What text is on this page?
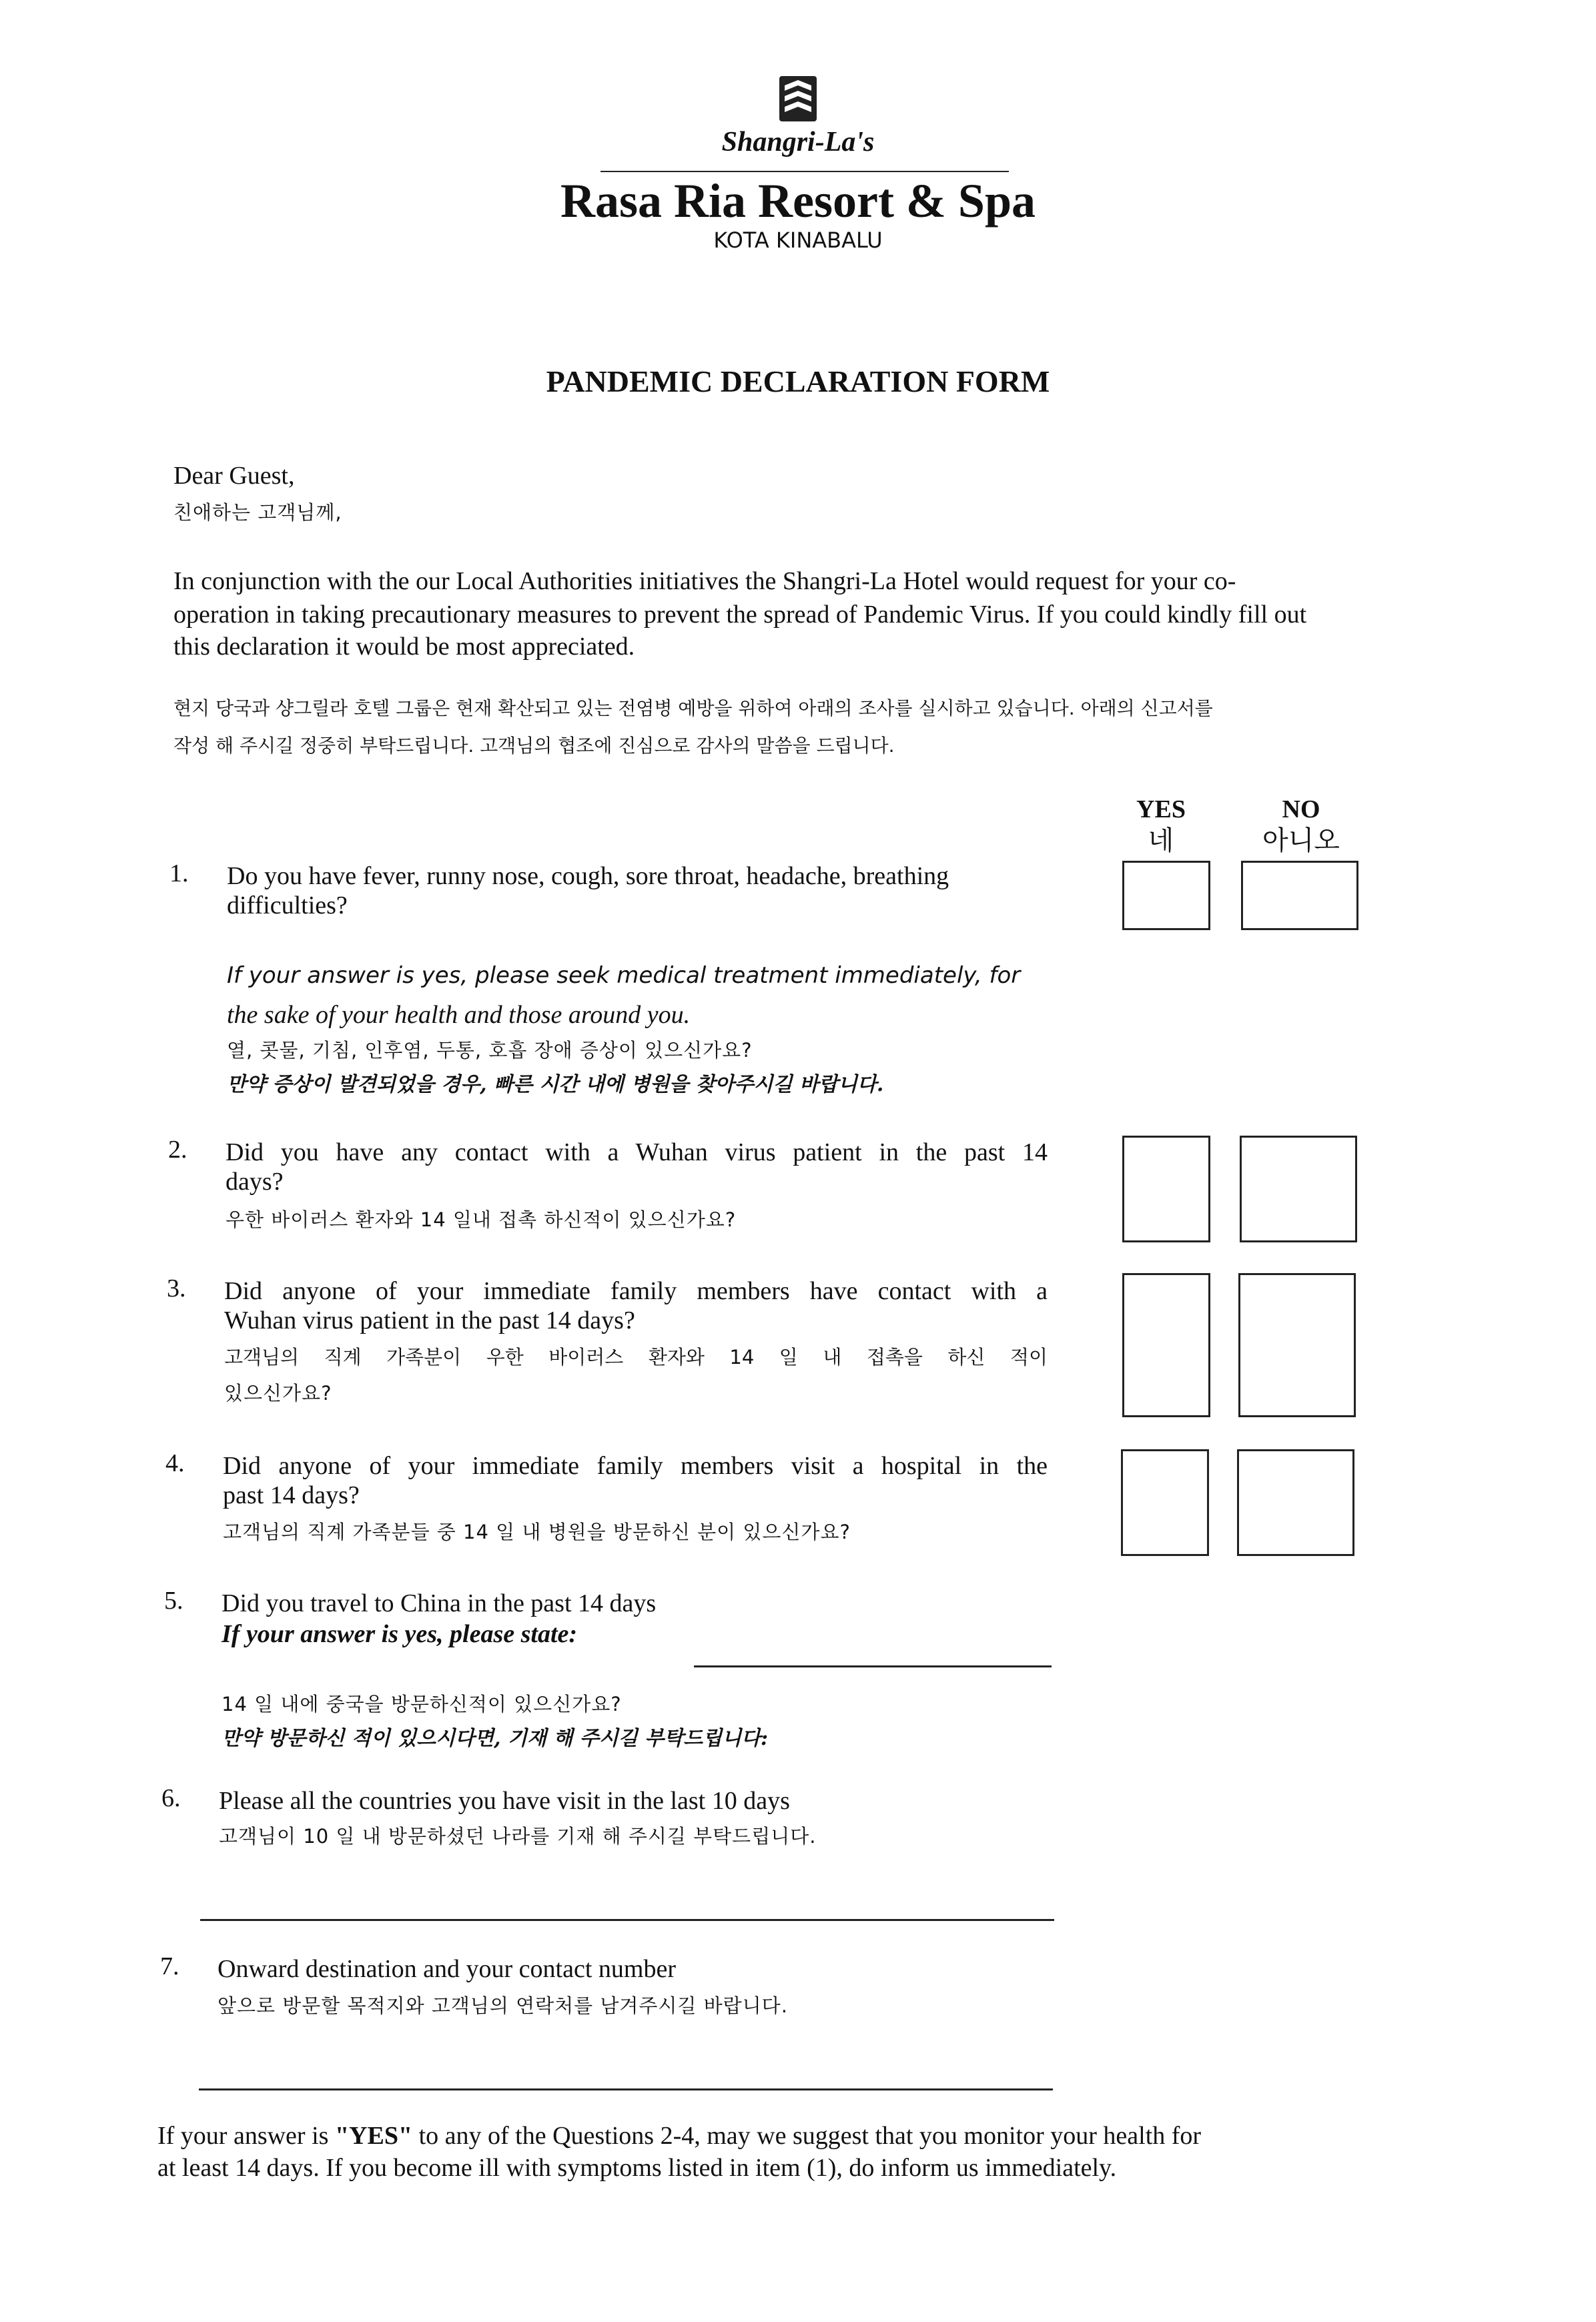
Shangri-La's
Rasa Ria Resort & Spa
KOTA KINABALU
PANDEMIC DECLARATION FORM
Dear Guest,
친애하는 고객님께,
In conjunction with the our Local Authorities initiatives the Shangri-La Hotel would request for your co-
operation in taking precautionary measures to prevent the spread of Pandemic Virus. If you could kindly fill out
this declaration it would be most appreciated.
현지 당국과 샹그릴라 호텔 그룹은 현재 확산되고 있는 전염병 예방을 위하여 아래의 조사를 실시하고 있습니다. 아래의 신고서를
작성 해 주시길 정중히 부탁드립니다. 고객님의 협조에 진심으로 감사의 말씀을 드립니다.
YES
네
NO
아니오
1. Do you have fever, runny nose, cough, sore throat, headache, breathing
difficulties?
If your answer is yes, please seek medical treatment immediately, for
the sake of your health and those around you.
열, 콧물, 기침, 인후염, 두통, 호흡 장애 증상이 있으신가요?
만약 증상이 발견되었을 경우, 빠른 시간 내에 병원을 찾아주시길 바랍니다.
2. Did you have any contact with a Wuhan virus patient in the past 14
days?
우한 바이러스 환자와 14 일내 접촉 하신적이 있으신가요?
3. Did anyone of your immediate family members have contact with a
Wuhan virus patient in the past 14 days?
고객님의 직계 가족분이 우한 바이러스 환자와 14 일 내 접촉을 하신 적이
있으신가요?
4. Did anyone of your immediate family members visit a hospital in the
past 14 days?
고객님의 직계 가족분들 중 14 일 내 병원을 방문하신 분이 있으신가요?
5. Did you travel to China in the past 14 days
If your answer is yes, please state:
14 일 내에 중국을 방문하신적이 있으신가요?
만약 방문하신 적이 있으시다면, 기재 해 주시길 부탁드립니다:
6. Please all the countries you have visit in the last 10 days
고객님이 10 일 내 방문하셨던 나라를 기재 해 주시길 부탁드립니다.
7. Onward destination and your contact number
앞으로 방문할 목적지와 고객님의 연락처를 남겨주시길 바랍니다.
If your answer is "YES" to any of the Questions 2-4, may we suggest that you monitor your health for
at least 14 days. If you become ill with symptoms listed in item (1), do inform us immediately.
